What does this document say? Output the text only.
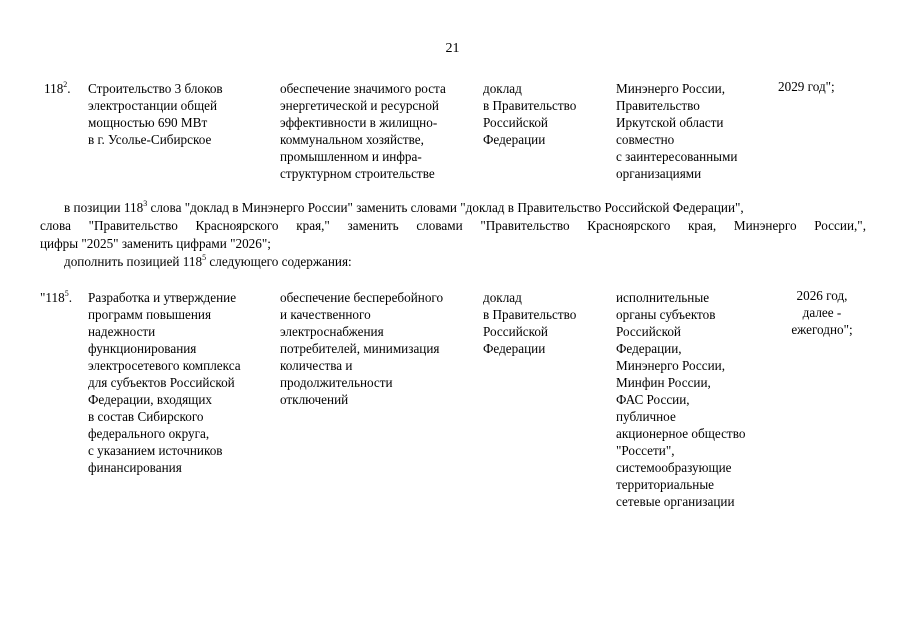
21
$118^2$. Строительство 3 блоков
электростанции общей
мощностью 690 МВт
в г. Усолье-Сибирское
обеспечение значимого роста
энергетической и ресурсной
эффективности в жилищно-
коммунальном хозяйстве,
промышленном и инфра-
структурном строительстве
доклад
в Правительство
Российской
Федерации
Минэнерго России,
Правительство
Иркутской области
совместно
с заинтересованными
организациями
2029 год";
в позиции $118^3$ слова "доклад в Минэнерго России" заменить словами "доклад в Правительство Российской Федерации",
слова "Правительство Красноярского края," заменить словами "Правительство Красноярского края, Минэнерго России,",
цифры "2025" заменить цифрами "2026";
дополнить позицией $118^5$ следующего содержания:
"$118^5$. Разработка и утверждение
программ повышения
надежности
функционирования
электросетевого комплекса
для субъектов Российской
Федерации, входящих
в состав Сибирского
федерального округа,
с указанием источников
финансирования
обеспечение бесперебойного
и качественного
электроснабжения
потребителей, минимизация
количества и
продолжительности
отключений
доклад
в Правительство
Российской
Федерации
исполнительные
органы субъектов
Российской
Федерации,
Минэнерго России,
Минфин России,
ФАС России,
публичное
акционерное общество
"Россети",
системообразующие
территориальные
сетевые организации
2026 год,
далее -
ежегодно";
